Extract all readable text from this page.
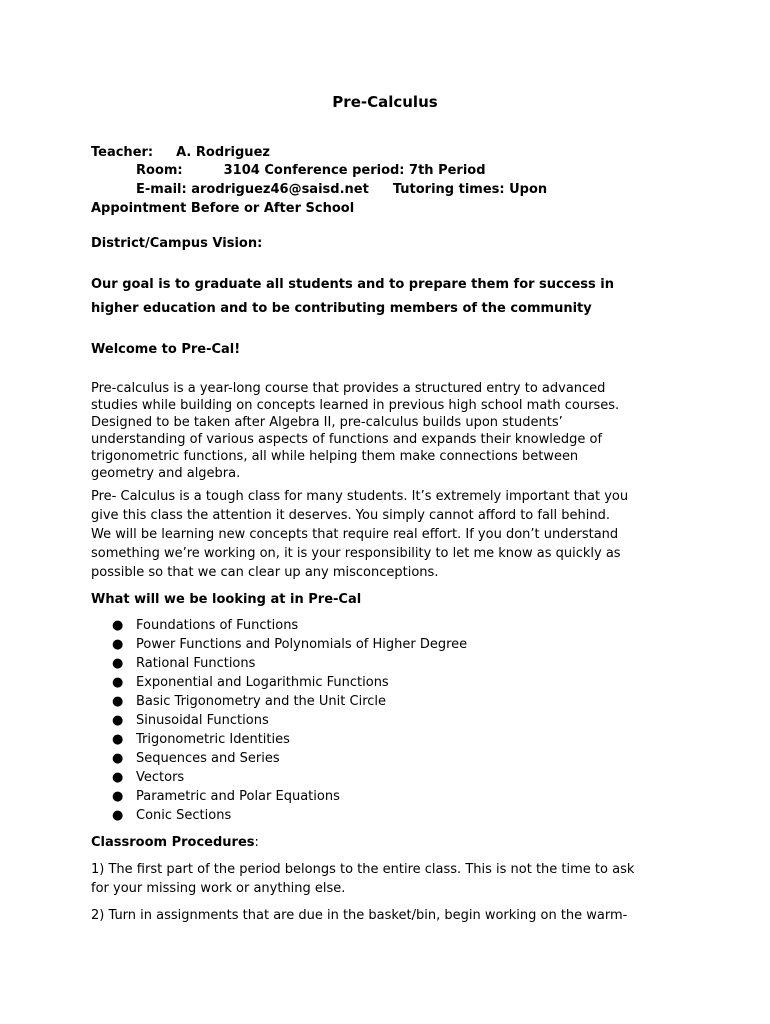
Pre-Calculus
Teacher: A. Rodriguez
Room:	3104 Conference period: 7th Period
E-mail: arodriguez46@saisd.net Tutoring times: Upon
Appointment Before or After School
District/Campus Vision:
Our goal is to graduate all students and to prepare them for success in
higher education and to be contributing members of the community
Welcome to Pre-Cal!
Pre-calculus is a year-long course that provides a structured entry to advanced
studies while building on concepts learned in previous high school math courses.
Designed to be taken after Algebra II, pre-calculus builds upon students’
understanding of various aspects of functions and expands their knowledge of
trigonometric functions, all while helping them make connections between
geometry and algebra.
Pre- Calculus is a tough class for many students. It’s extremely important that you
give this class the attention it deserves. You simply cannot afford to fall behind.
We will be learning new concepts that require real effort. If you don’t understand
something we’re working on, it is your responsibility to let me know as quickly as
possible so that we can clear up any misconceptions.
What will we be looking at in Pre-Cal
● Foundations of Functions
● Power Functions and Polynomials of Higher Degree
● Rational Functions
● Exponential and Logarithmic Functions
● Basic Trigonometry and the Unit Circle
● Sinusoidal Functions
● Trigonometric Identities
● Sequences and Series
● Vectors
● Parametric and Polar Equations
● Conic Sections
Classroom Procedures:
1) The first part of the period belongs to the entire class. This is not the time to ask
for your missing work or anything else.
2) Turn in assignments that are due in the basket/bin, begin working on the warm-
